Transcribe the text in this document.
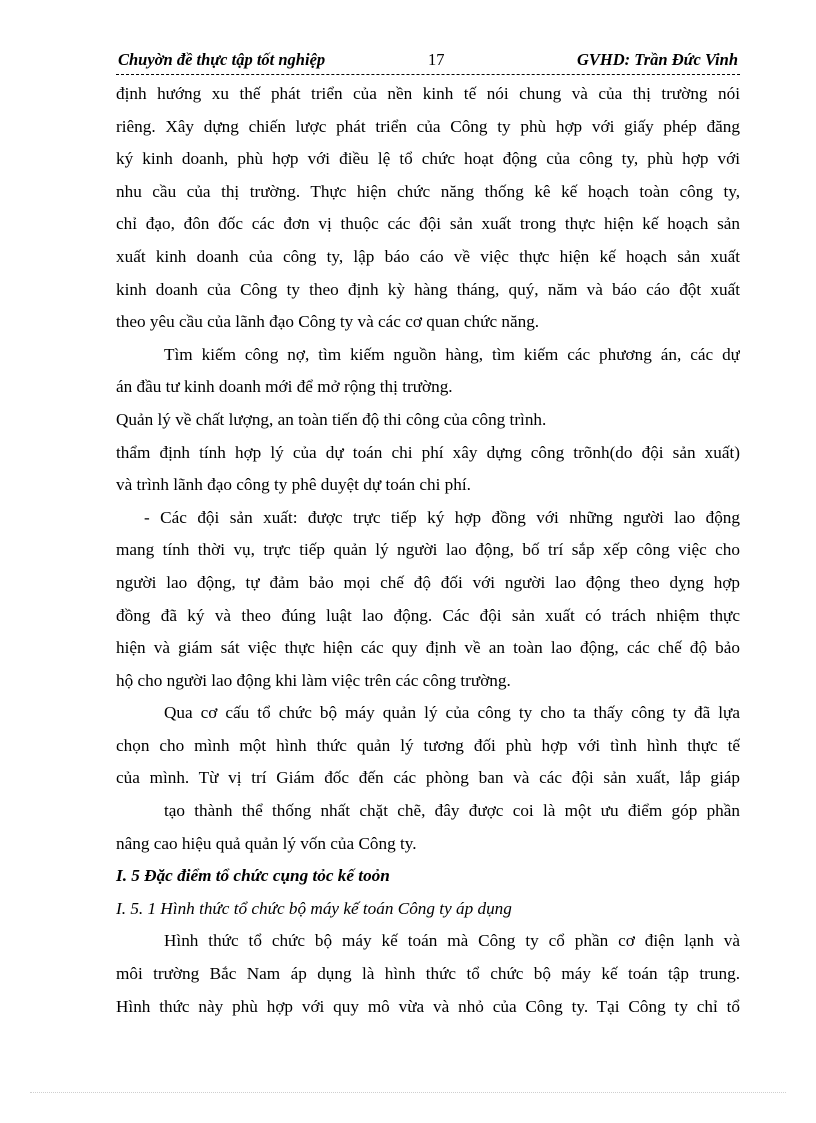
Chuyờn đề thực tập tốt nghiệp	17	GVHD: Trần Đức Vinh
định hướng xu thế phát triển của nền kinh tế nói chung và của thị trường nói
riêng. Xây dựng chiến lược phát triển của Công ty phù hợp với giấy phép đăng
ký kinh doanh, phù hợp với điều lệ tổ chức hoạt động của công ty, phù hợp với
nhu cầu của thị trường. Thực hiện chức năng thống kê kế hoạch toàn công ty,
chỉ đạo, đôn đốc các đơn vị thuộc các đội sản xuất trong thực hiện kế hoạch sản
xuất kinh doanh của công ty, lập báo cáo về việc thực hiện kế hoạch sản xuất
kinh doanh của Công ty theo định kỳ hàng tháng, quý, năm và báo cáo đột xuất
theo yêu cầu của lãnh đạo Công ty và các cơ quan chức năng.
Tìm kiếm công nợ, tìm kiếm nguồn hàng, tìm kiếm các phương án, các dự
án đầu tư kinh doanh mới để mở rộng thị trường.
Quản lý về chất lượng, an toàn tiến độ thi công của công trình.
thẩm định tính hợp lý của dự toán chi phí xây dựng công trõnh(do đội sản xuất)
và trình lãnh đạo công ty phê duyệt dự toán chi phí.
- Các đội sản xuất: được trực tiếp ký hợp đồng với những người lao động
mang tính thời vụ, trực tiếp quản lý người lao động, bố trí sắp xếp công việc cho
người lao động, tự đảm bảo mọi chế độ đối với người lao động theo dỵng hợp
đồng đã ký và theo đúng luật lao động. Các đội sản xuất có trách nhiệm thực
hiện và giám sát việc thực hiện các quy định về an toàn lao động, các chế độ bảo
hộ cho người lao động khi làm việc trên các công trường.
Qua cơ cấu tổ chức bộ máy quản lý của công ty cho ta thấy công ty đã lựa
chọn cho mình một hình thức quản lý tương đối phù hợp với tình hình thực tế
của mình. Từ vị trí Giám đốc đến các phòng ban và các đội sản xuất, lắp giáp
tạo thành thể thống nhất chặt chẽ, đây được coi là một ưu điểm góp phần
nâng cao hiệu quả quản lý vốn của Công ty.
I. 5 Đặc điểm tổ chức cụng tỏc kế toỏn
I. 5. 1 Hình thức tổ chức bộ máy kế toán Công ty áp dụng
Hình thức tổ chức bộ máy kế toán mà Công ty cổ phần cơ điện lạnh và
môi trường Bắc Nam áp dụng là hình thức tổ chức bộ máy kế toán tập trung.
Hình thức này phù hợp với quy mô vừa và nhỏ của Công ty. Tại Công ty chỉ tổ
